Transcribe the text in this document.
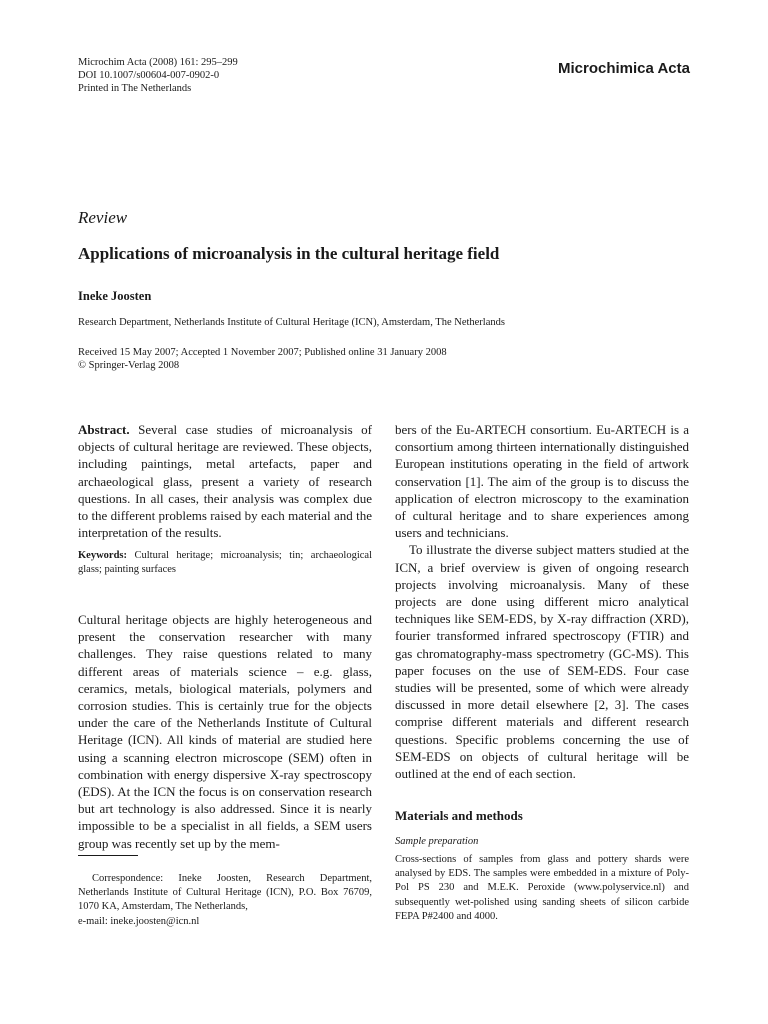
Microchim Acta (2008) 161: 295–299
DOI 10.1007/s00604-007-0902-0
Printed in The Netherlands
Microchimica Acta
Review
Applications of microanalysis in the cultural heritage field
Ineke Joosten
Research Department, Netherlands Institute of Cultural Heritage (ICN), Amsterdam, The Netherlands
Received 15 May 2007; Accepted 1 November 2007; Published online 31 January 2008
© Springer-Verlag 2008

Abstract. Several case studies of microanalysis of objects of cultural heritage are reviewed. These objects, including paintings, metal artefacts, paper and archaeological glass, present a variety of research questions. In all cases, their analysis was complex due to the different problems raised by each material and the interpretation of the results.

Keywords: Cultural heritage; microanalysis; tin; archaeological glass; painting surfaces

Cultural heritage objects are highly heterogeneous and present the conservation researcher with many challenges. They raise questions related to many different areas of materials science – e.g. glass, ceramics, metals, biological materials, polymers and corrosion studies. This is certainly true for the objects under the care of the Netherlands Institute of Cultural Heritage (ICN). All kinds of material are studied here using a scanning electron microscope (SEM) often in combination with energy dispersive X-ray spectroscopy (EDS). At the ICN the focus is on conservation research but art technology is also addressed. Since it is nearly impossible to be a specialist in all fields, a SEM users group was recently set up by the mem-

Correspondence: Ineke Joosten, Research Department, Netherlands Institute of Cultural Heritage (ICN), P.O. Box 76709, 1070 KA, Amsterdam, The Netherlands,

e-mail: ineke.joosten@icn.nl

bers of the Eu-ARTECH consortium. Eu-ARTECH is a consortium among thirteen internationally distinguished European institutions operating in the field of artwork conservation [1]. The aim of the group is to discuss the application of electron microscopy to the examination of cultural heritage and to share experiences among users and technicians.

To illustrate the diverse subject matters studied at the ICN, a brief overview is given of ongoing research projects involving microanalysis. Many of these projects are done using different micro analytical techniques like SEM-EDS, by X-ray diffraction (XRD), fourier transformed infrared spectroscopy (FTIR) and gas chromatography-mass spectrometry (GC-MS). This paper focuses on the use of SEM-EDS. Four case studies will be presented, some of which were already discussed in more detail elsewhere [2, 3]. The cases comprise different materials and different research questions. Specific problems concerning the use of SEM-EDS on objects of cultural heritage will be outlined at the end of each section.

Materials and methods
Sample preparation

Cross-sections of samples from glass and pottery shards were analysed by EDS. The samples were embedded in a mixture of Poly-Pol PS 230 and M.E.K. Peroxide (www.polyservice.nl) and subsequently wet-polished using sanding sheets of silicon carbide FEPA P#2400 and 4000.
